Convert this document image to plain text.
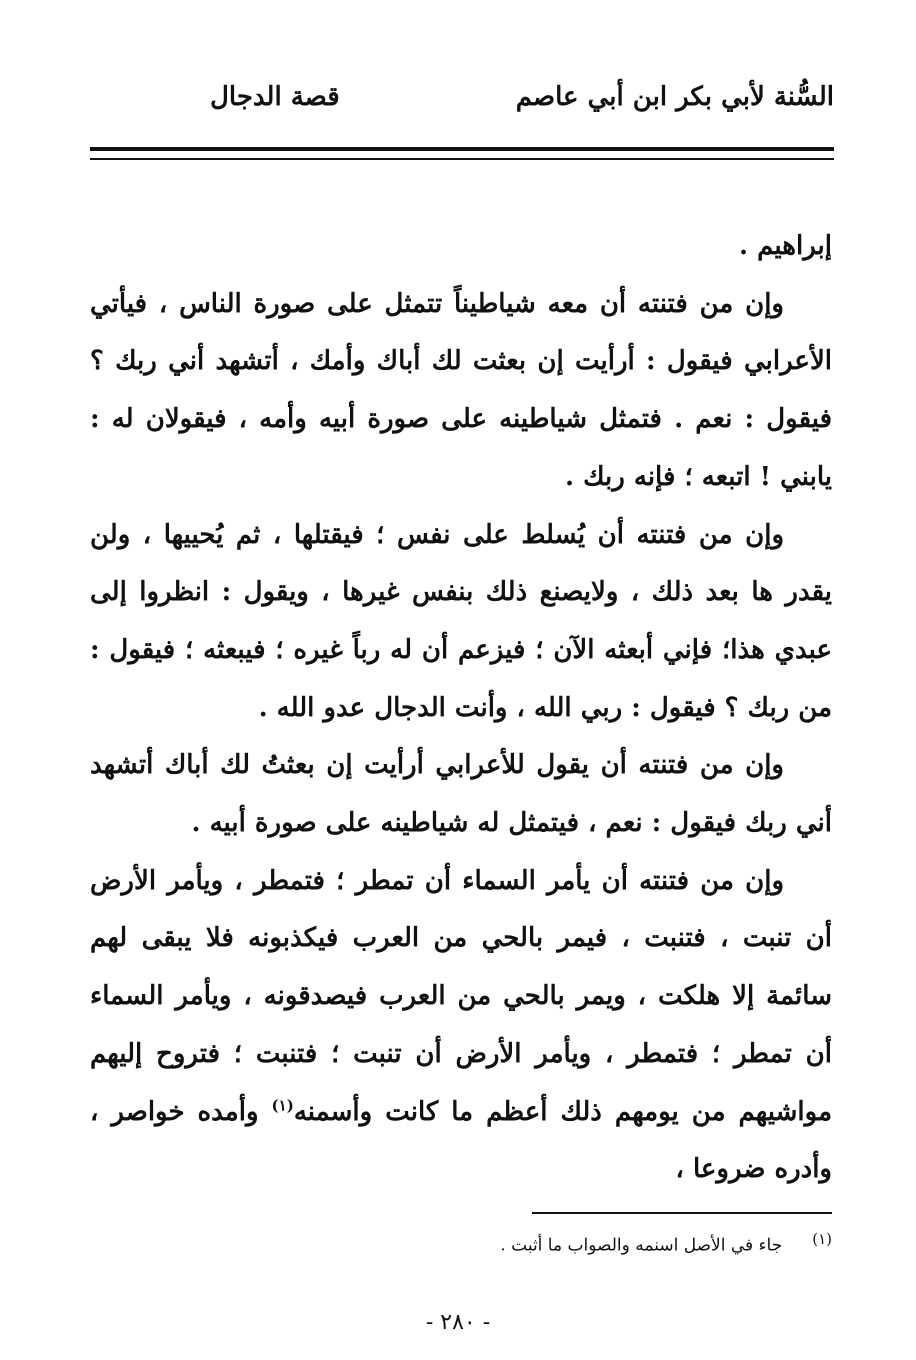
السُّنة لأبي بكر ابن أبي عاصم
قصة الدجال

إبراهيم .

وإن من فتنته أن معه شياطيناً تتمثل على صورة الناس ، فيأتي الأعرابي فيقول : أرأيت إن بعثت لك أباك وأمك ، أتشهد أني ربك ؟ فيقول : نعم . فتمثل شياطينه على صورة أبيه وأمه ، فيقولان له : يابني ! اتبعه ؛ فإنه ربك .

وإن من فتنته أن يُسلط على نفس ؛ فيقتلها ، ثم يُحييها ، ولن يقدر ها بعد ذلك ، ولايصنع ذلك بنفس غيرها ، ويقول : انظروا إلى عبدي هذا؛ فإني أبعثه الآن ؛ فيزعم أن له رباً غيره ؛ فيبعثه ؛ فيقول : من ربك ؟ فيقول : ربي الله ، وأنت الدجال عدو الله .

وإن من فتنته أن يقول للأعرابي أرأيت إن بعثتُ لك أباك أتشهد أني ربك فيقول : نعم ، فيتمثل له شياطينه على صورة أبيه .

وإن من فتنته أن يأمر السماء أن تمطر ؛ فتمطر ، ويأمر الأرض أن تنبت ، فتنبت ، فيمر بالحي من العرب فيكذبونه فلا يبقى لهم سائمة إلا هلكت ، ويمر بالحي من العرب فيصدقونه ، ويأمر السماء أن تمطر ؛ فتمطر ، ويأمر الأرض أن تنبت ؛ فتنبت ؛ فتروح إليهم مواشيهم من يومهم ذلك أعظم ما كانت وأسمنه$^{(١)}$ وأمده خواصر ، وأدره ضروعا ،

(١)جاء في الأصل اسنمه والصواب ما أثبت .
- ٢٨٠ -
